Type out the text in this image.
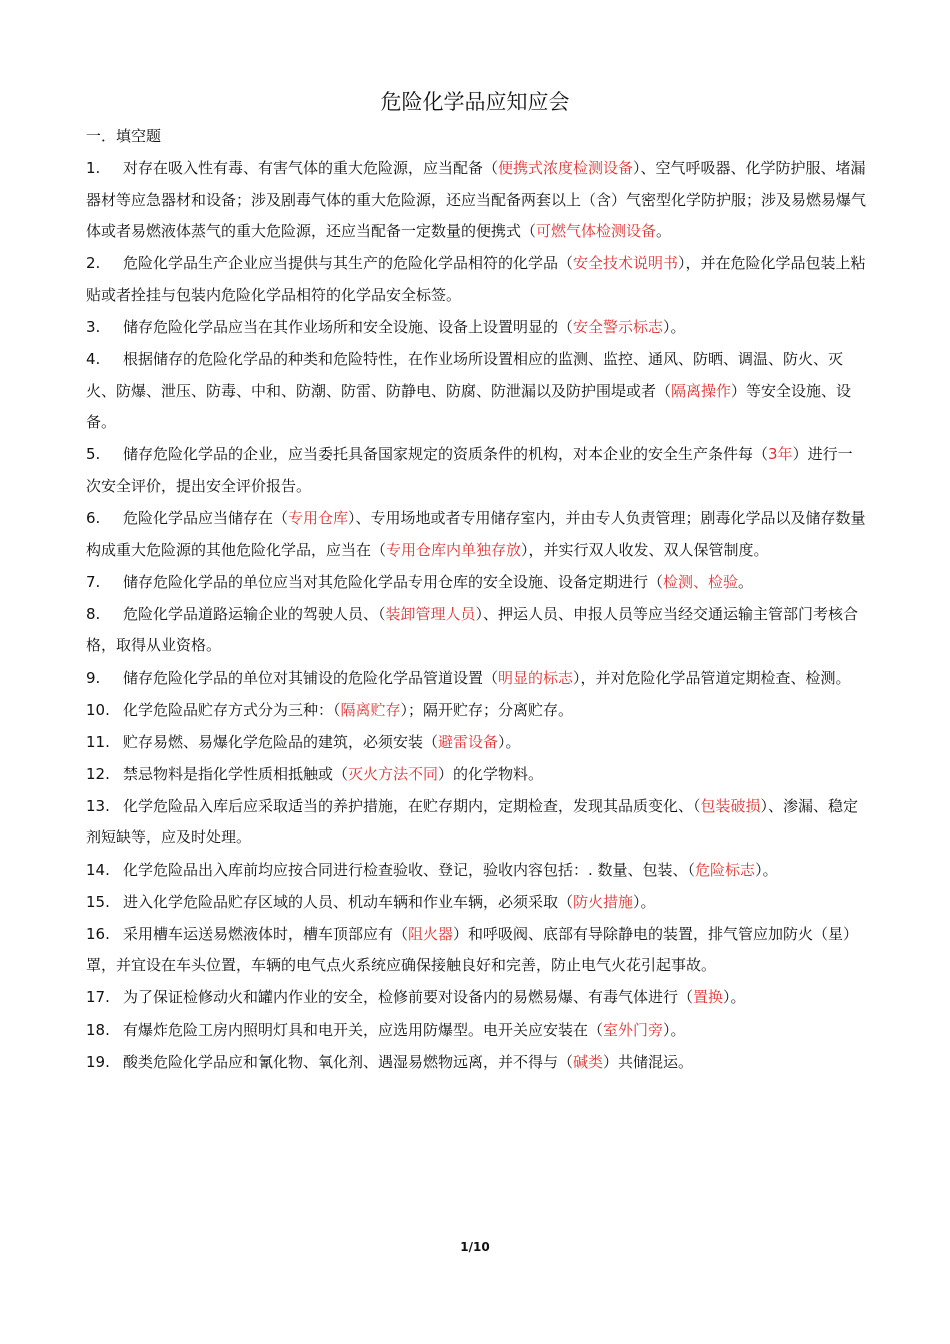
危险化学品应知应会
一．填空题
1. 对存在吸入性有毒、有害气体的重大危险源，应当配备（便携式浓度检测设备）、空气呼吸器、化学防护服、堵漏器材等应急器材和设备；涉及剧毒气体的重大危险源，还应当配备两套以上（含）气密型化学防护服；涉及易燃易爆气体或者易燃液体蒸气的重大危险源，还应当配备一定数量的便携式（可燃气体检测设备。
2. 危险化学品生产企业应当提供与其生产的危险化学品相符的化学品（安全技术说明书），并在危险化学品包装上粘贴或者拴挂与包装内危险化学品相符的化学品安全标签。
3. 储存危险化学品应当在其作业场所和安全设施、设备上设置明显的（安全警示标志）。
4. 根据储存的危险化学品的种类和危险特性，在作业场所设置相应的监测、监控、通风、防晒、调温、防火、灭火、防爆、泄压、防毒、中和、防潮、防雷、防静电、防腐、防泄漏以及防护围堤或者（隔离操作）等安全设施、设备。
5. 储存危险化学品的企业，应当委托具备国家规定的资质条件的机构，对本企业的安全生产条件每（3年）进行一次安全评价，提出安全评价报告。
6. 危险化学品应当储存在（专用仓库）、专用场地或者专用储存室内，并由专人负责管理；剧毒化学品以及储存数量构成重大危险源的其他危险化学品，应当在（专用仓库内单独存放），并实行双人收发、双人保管制度。
7. 储存危险化学品的单位应当对其危险化学品专用仓库的安全设施、设备定期进行（检测、检验。
8. 危险化学品道路运输企业的驾驶人员、（装卸管理人员）、押运人员、申报人员等应当经交通运输主管部门考核合格，取得从业资格。
9. 储存危险化学品的单位对其铺设的危险化学品管道设置（明显的标志），并对危险化学品管道定期检查、检测。
10. 化学危险品贮存方式分为三种：（隔离贮存）；隔开贮存；分离贮存。
11. 贮存易燃、易爆化学危险品的建筑，必须安装（避雷设备）。
12. 禁忌物料是指化学性质相抵触或（灭火方法不同）的化学物料。
13. 化学危险品入库后应采取适当的养护措施，在贮存期内，定期检查，发现其品质变化、（包装破损）、渗漏、稳定剂短缺等，应及时处理。
14. 化学危险品出入库前均应按合同进行检查验收、登记，验收内容包括：. 数量、包装、（危险标志）。
15. 进入化学危险品贮存区域的人员、机动车辆和作业车辆，必须采取（防火措施）。
16. 采用槽车运送易燃液体时，槽车顶部应有（阻火器）和呼吸阀、底部有导除静电的装置，排气管应加防火（星）罩，并宜设在车头位置，车辆的电气点火系统应确保接触良好和完善，防止电气火花引起事故。
17. 为了保证检修动火和罐内作业的安全，检修前要对设备内的易燃易爆、有毒气体进行（置换）。
18. 有爆炸危险工房内照明灯具和电开关，应选用防爆型。电开关应安装在（室外门旁）。
19. 酸类危险化学品应和氰化物、氧化剂、遇湿易燃物远离，并不得与（碱类）共储混运。
1/10
